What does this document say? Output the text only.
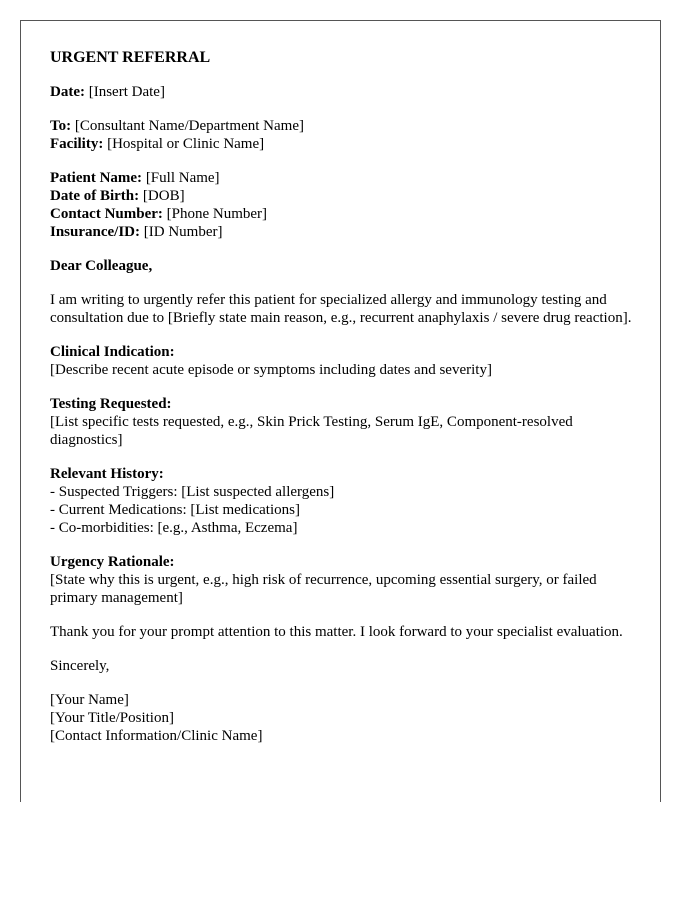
URGENT REFERRAL
Date: [Insert Date]
To: [Consultant Name/Department Name]
Facility: [Hospital or Clinic Name]
Patient Name: [Full Name]
Date of Birth: [DOB]
Contact Number: [Phone Number]
Insurance/ID: [ID Number]
Dear Colleague,
I am writing to urgently refer this patient for specialized allergy and immunology testing and consultation due to [Briefly state main reason, e.g., recurrent anaphylaxis / severe drug reaction].
Clinical Indication:
[Describe recent acute episode or symptoms including dates and severity]
Testing Requested:
[List specific tests requested, e.g., Skin Prick Testing, Serum IgE, Component-resolved diagnostics]
Relevant History:
- Suspected Triggers: [List suspected allergens]
- Current Medications: [List medications]
- Co-morbidities: [e.g., Asthma, Eczema]
Urgency Rationale:
[State why this is urgent, e.g., high risk of recurrence, upcoming essential surgery, or failed primary management]
Thank you for your prompt attention to this matter. I look forward to your specialist evaluation.
Sincerely,
[Your Name]
[Your Title/Position]
[Contact Information/Clinic Name]
